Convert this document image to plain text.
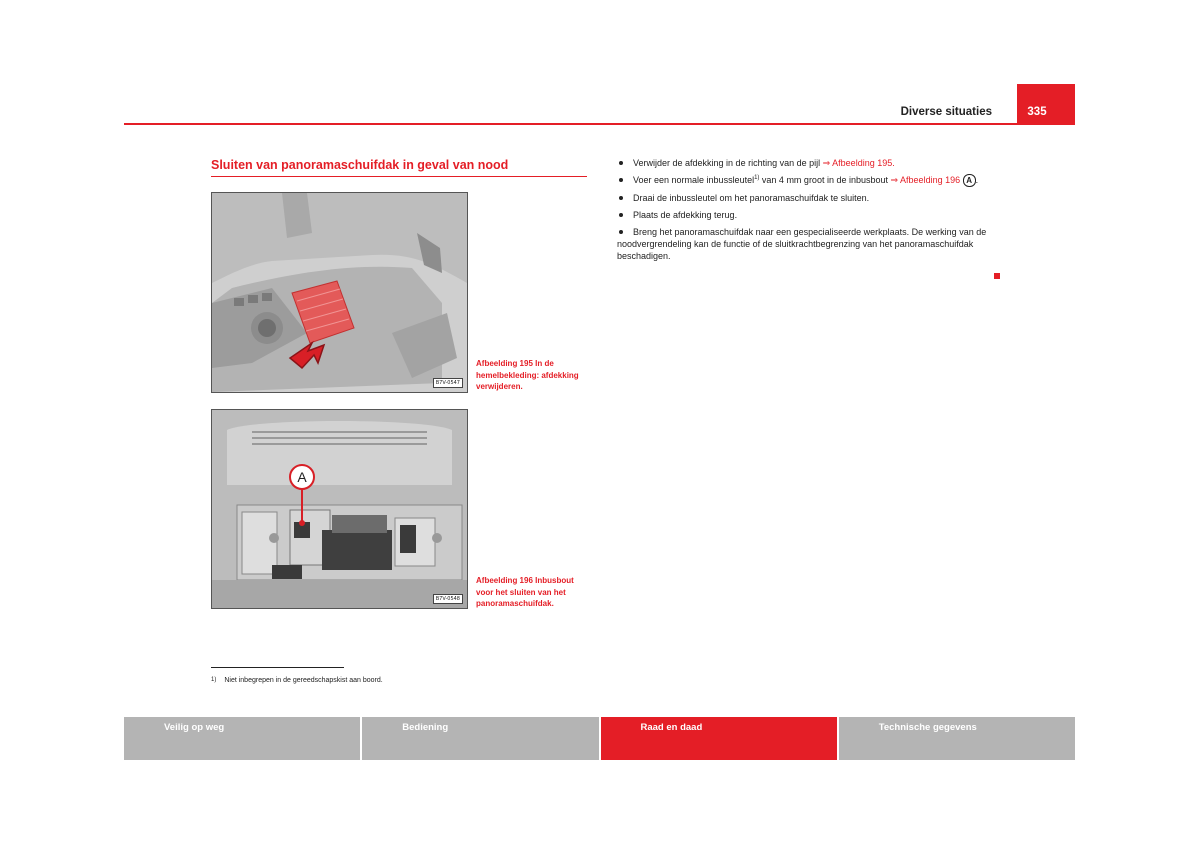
335
Diverse situaties
Sluiten van panoramaschuifdak in geval van nood
B7V-0547
Afbeelding 195 In de hemelbekleding: afdekking verwijderen.
A
B7V-0548
Afbeelding 196 Inbusbout voor het sluiten van het panoramaschuifdak.
Verwijder de afdekking in de richting van de pijl ⇒ Afbeelding 195.
Voer een normale inbussleutel$^{1)}$ van 4 mm groot in de inbusbout ⇒ Afbeelding 196 A .
Draai de inbussleutel om het panoramaschuifdak te sluiten.
Plaats de afdekking terug.
Breng het panoramaschuifdak naar een gespecialiseerde werkplaats. De werking van de noodvergrendeling kan de functie of de sluitkrachtbegrenzing van het panoramaschuifdak beschadigen.
1) Niet inbegrepen in de gereedschapskist aan boord.
Veilig op weg	Bediening	Raad en daad	Technische gegevens
